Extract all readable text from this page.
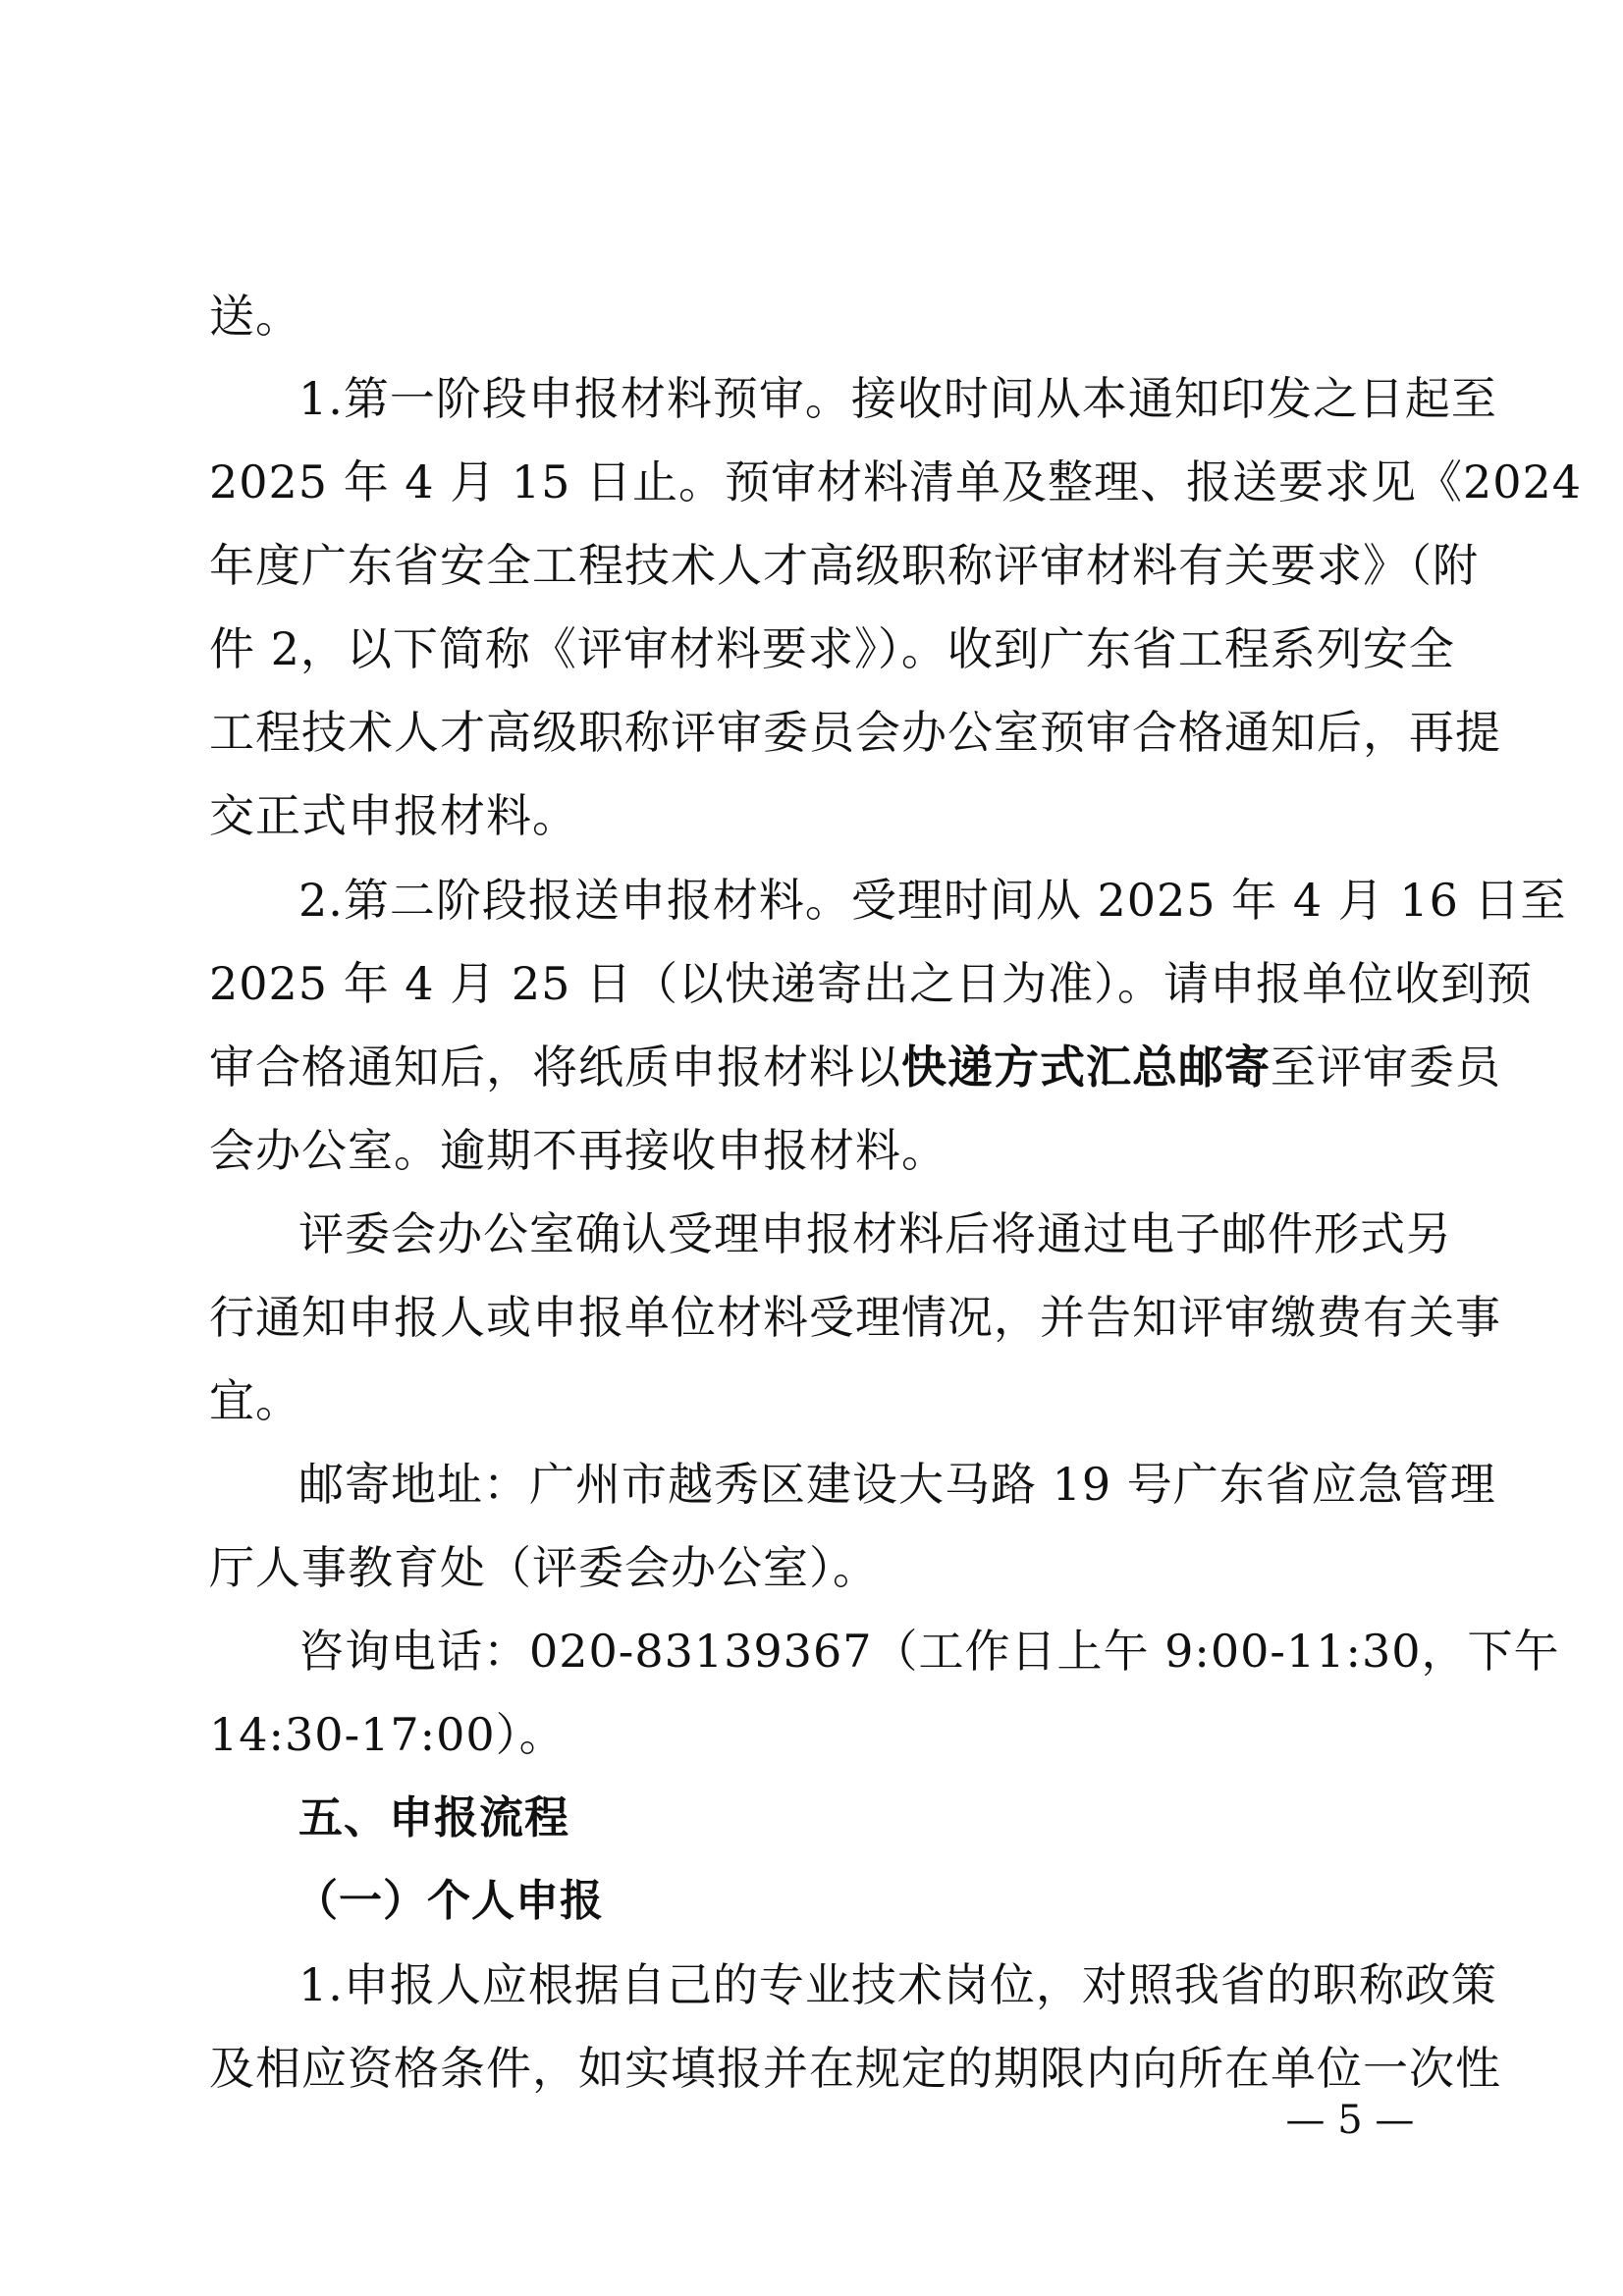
送。
1.第一阶段申报材料预审。接收时间从本通知印发之日起至
2025 年 4 月 15 日止。预审材料清单及整理、报送要求见《2024
年度广东省安全工程技术人才高级职称评审材料有关要求》（附
件 2，以下简称《评审材料要求》）。收到广东省工程系列安全
工程技术人才高级职称评审委员会办公室预审合格通知后，再提
交正式申报材料。
2.第二阶段报送申报材料。受理时间从 2025 年 4 月 16 日至
2025 年 4 月 25 日（以快递寄出之日为准）。请申报单位收到预
审合格通知后，将纸质申报材料以快递方式汇总邮寄至评审委员
会办公室。逾期不再接收申报材料。
评委会办公室确认受理申报材料后将通过电子邮件形式另
行通知申报人或申报单位材料受理情况，并告知评审缴费有关事
宜。
邮寄地址：广州市越秀区建设大马路 19 号广东省应急管理
厅人事教育处（评委会办公室）。
咨询电话：020-83139367（工作日上午 9:00-11:30，下午
14:30-17:00）。
五、申报流程
（一）个人申报
1.申报人应根据自己的专业技术岗位，对照我省的职称政策
及相应资格条件，如实填报并在规定的期限内向所在单位一次性
— 5 —
